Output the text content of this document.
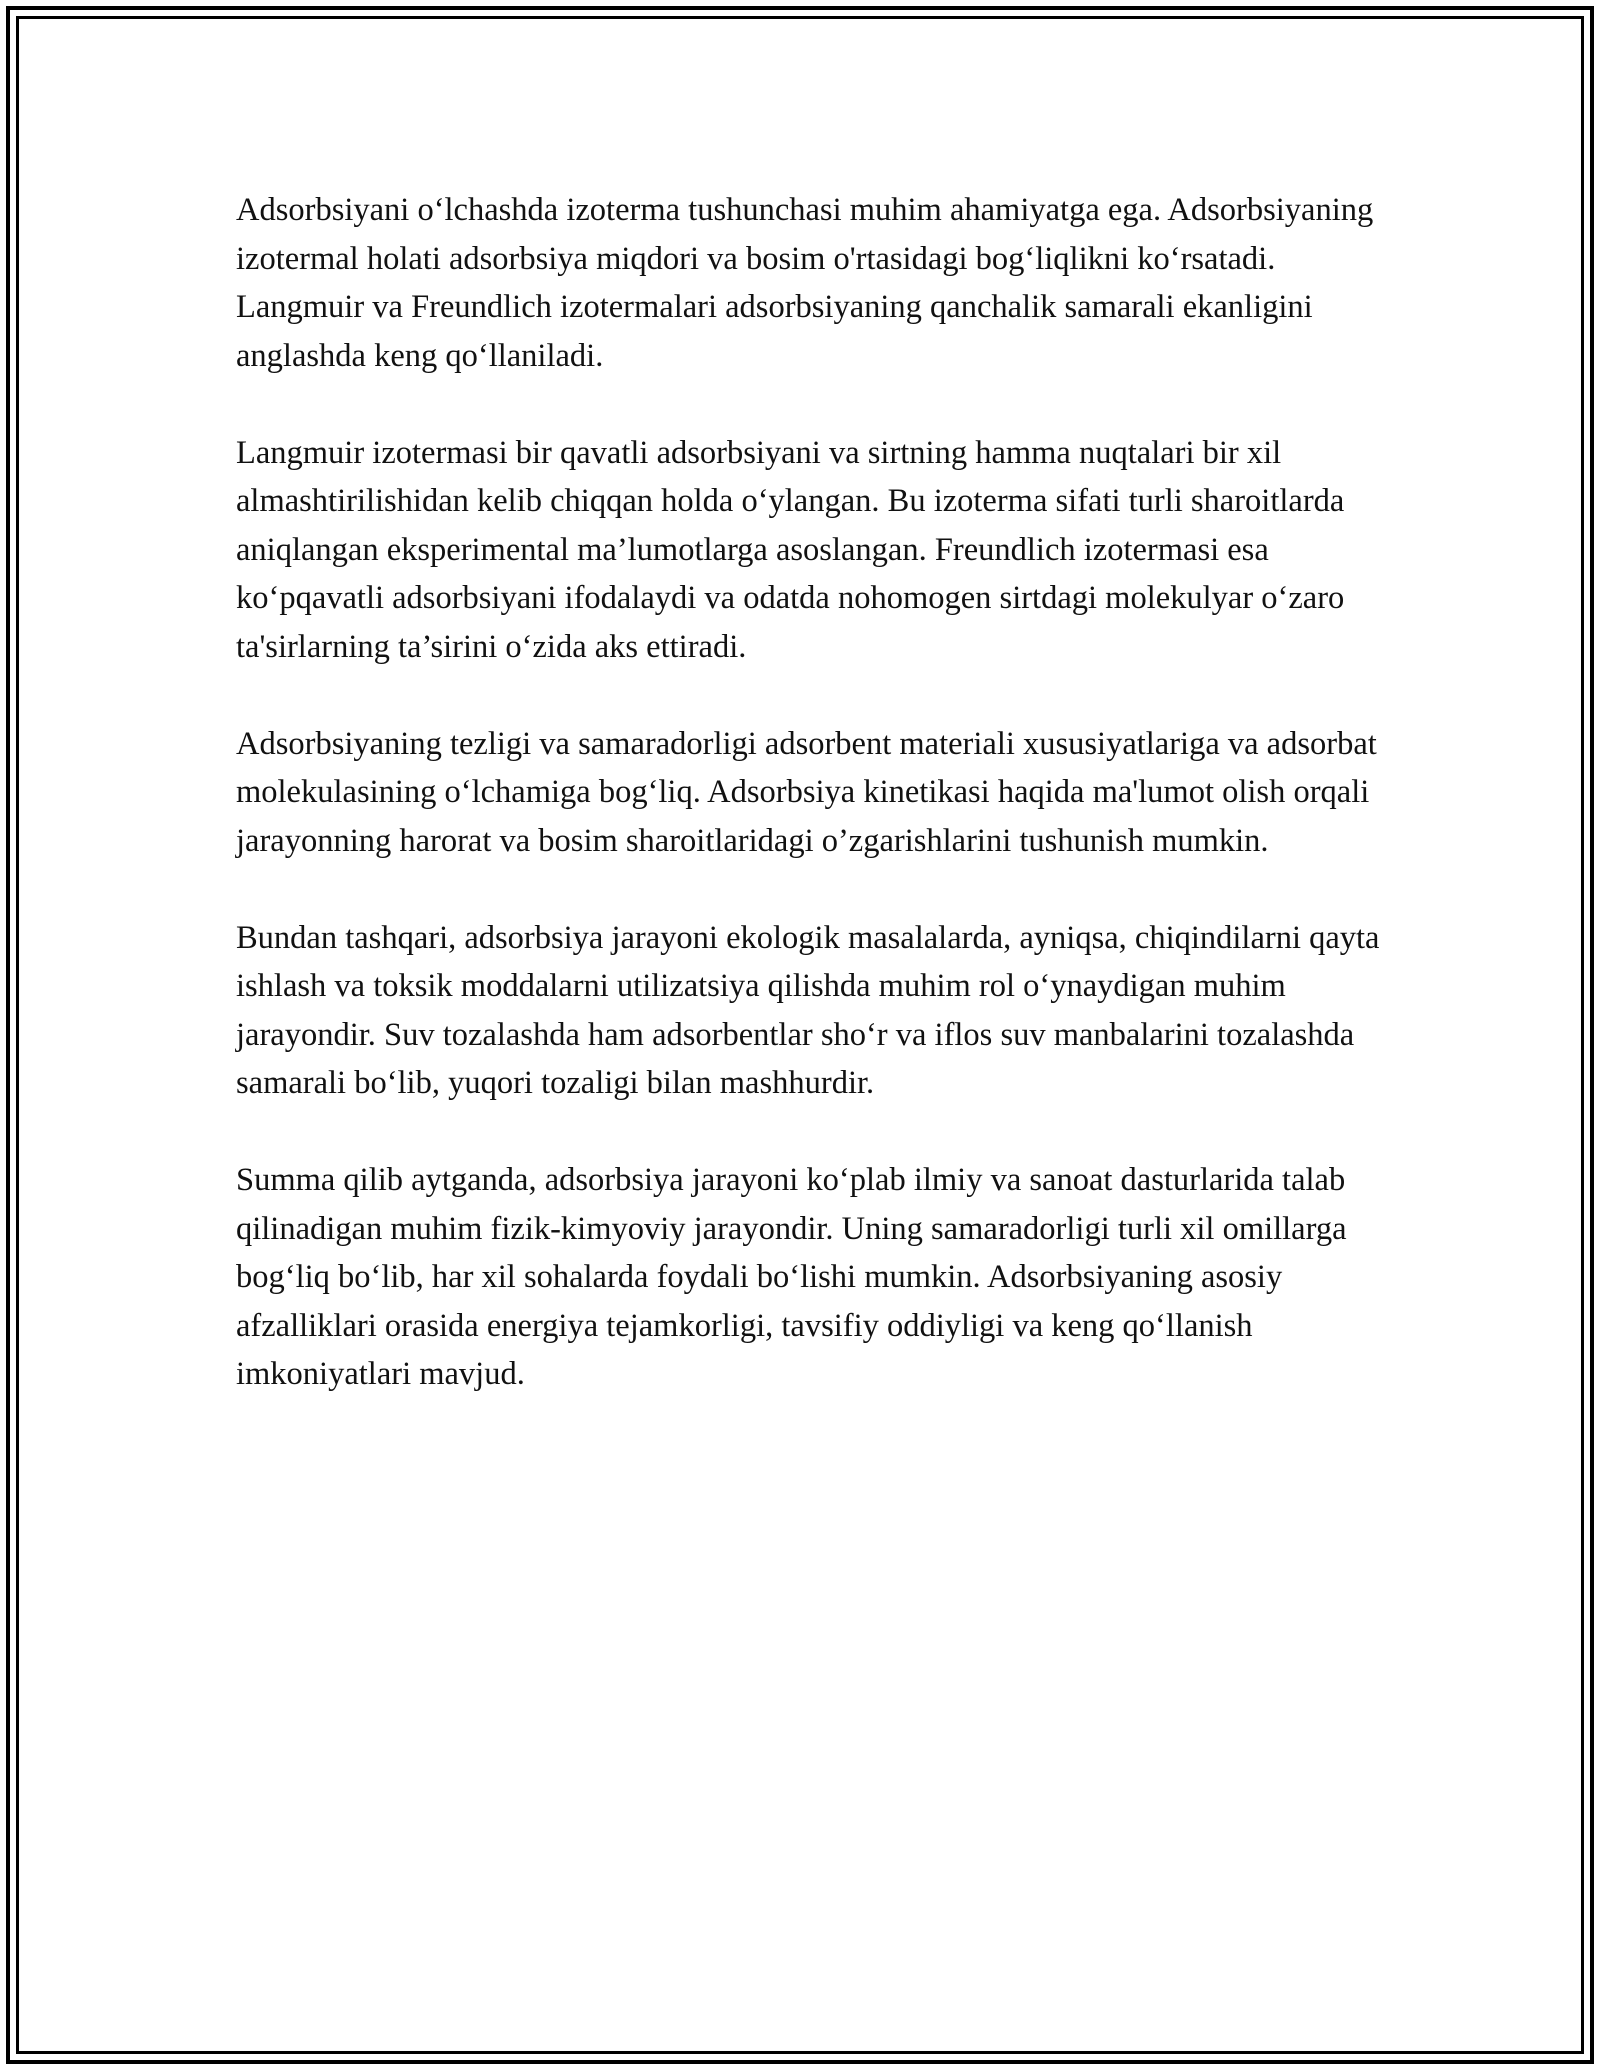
Adsorbsiyani o‘lchashda izoterma tushunchasi muhim ahamiyatga ega. Adsorbsiyaning izotermal holati adsorbsiya miqdori va bosim o'rtasidagi bog‘liqlikni ko‘rsatadi. Langmuir va Freundlich izotermalari adsorbsiyaning qanchalik samarali ekanligini anglashda keng qo‘llaniladi.

Langmuir izotermasi bir qavatli adsorbsiyani va sirtning hamma nuqtalari bir xil almashtirilishidan kelib chiqqan holda o‘ylangan. Bu izoterma sifati turli sharoitlarda aniqlangan eksperimental ma’lumotlarga asoslangan. Freundlich izotermasi esa ko‘pqavatli adsorbsiyani ifodalaydi va odatda nohomogen sirtdagi molekulyar o‘zaro ta'sirlarning ta’sirini o‘zida aks ettiradi.

Adsorbsiyaning tezligi va samaradorligi adsorbent materiali xususiyatlariga va adsorbat molekulasining o‘lchamiga bog‘liq. Adsorbsiya kinetikasi haqida ma'lumot olish orqali jarayonning harorat va bosim sharoitlaridagi o’zgarishlarini tushunish mumkin.

Bundan tashqari, adsorbsiya jarayoni ekologik masalalarda, ayniqsa, chiqindilarni qayta ishlash va toksik moddalarni utilizatsiya qilishda muhim rol o‘ynaydigan muhim jarayondir. Suv tozalashda ham adsorbentlar sho‘r va iflos suv manbalarini tozalashda samarali bo‘lib, yuqori tozaligi bilan mashhurdir.

Summa qilib aytganda, adsorbsiya jarayoni ko‘plab ilmiy va sanoat dasturlarida talab qilinadigan muhim fizik-kimyoviy jarayondir. Uning samaradorligi turli xil omillarga bog‘liq bo‘lib, har xil sohalarda foydali bo‘lishi mumkin. Adsorbsiyaning asosiy afzalliklari orasida energiya tejamkorligi, tavsifiy oddiyligi va keng qo‘llanish imkoniyatlari mavjud.
